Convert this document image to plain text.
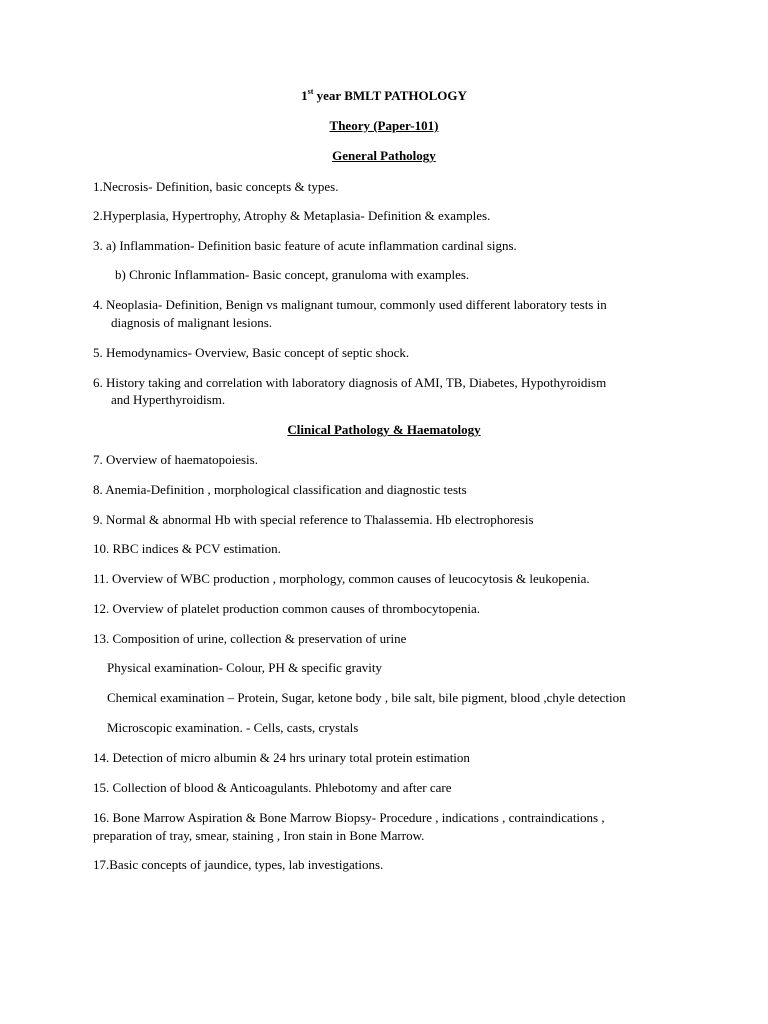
1st year BMLT PATHOLOGY
Theory (Paper-101)
General Pathology
1.Necrosis- Definition, basic concepts & types.
2.Hyperplasia, Hypertrophy, Atrophy & Metaplasia- Definition & examples.
3. a) Inflammation- Definition basic feature of acute inflammation cardinal signs.
b) Chronic Inflammation- Basic concept, granuloma with examples.
4. Neoplasia- Definition, Benign vs malignant tumour, commonly used different laboratory tests in
diagnosis of malignant lesions.
5. Hemodynamics- Overview, Basic concept of septic shock.
6. History taking and correlation with laboratory diagnosis of AMI, TB, Diabetes, Hypothyroidism
and Hyperthyroidism.
Clinical Pathology & Haematology
7. Overview of haematopoiesis.
8. Anemia-Definition , morphological classification and diagnostic tests
9. Normal & abnormal Hb with special reference to Thalassemia. Hb electrophoresis
10. RBC indices & PCV estimation.
11. Overview of WBC production , morphology, common causes of leucocytosis & leukopenia.
12. Overview of platelet production common causes of thrombocytopenia.
13. Composition of urine, collection & preservation of urine
Physical examination- Colour, PH & specific gravity
Chemical examination – Protein, Sugar, ketone body , bile salt, bile pigment, blood ,chyle detection
Microscopic examination. - Cells, casts, crystals
14. Detection of micro albumin & 24 hrs urinary total protein estimation
15. Collection of blood & Anticoagulants. Phlebotomy and after care
16. Bone Marrow Aspiration & Bone Marrow Biopsy- Procedure , indications , contraindications ,
preparation of tray, smear, staining , Iron stain in Bone Marrow.
17.Basic concepts of jaundice, types, lab investigations.
